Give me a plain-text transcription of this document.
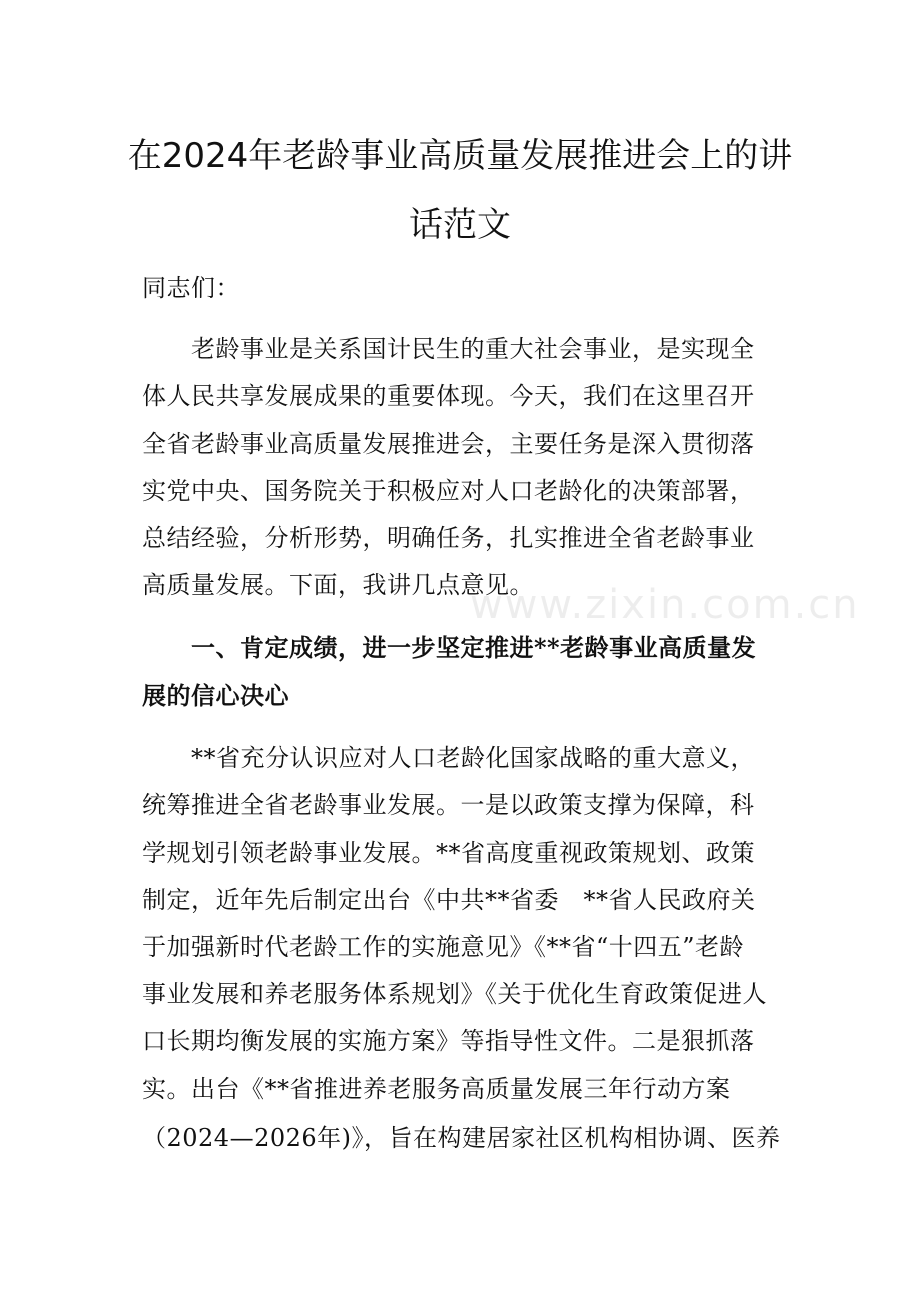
在2024年老龄事业高质量发展推进会上的讲
话范文
同志们：
　　老龄事业是关系国计民生的重大社会事业，是实现全
体人民共享发展成果的重要体现。今天，我们在这里召开
全省老龄事业高质量发展推进会，主要任务是深入贯彻落
实党中央、国务院关于积极应对人口老龄化的决策部署，
总结经验，分析形势，明确任务，扎实推进全省老龄事业
高质量发展。下面，我讲几点意见。
　　一、肯定成绩，进一步坚定推进**老龄事业高质量发
展的信心决心
　　**省充分认识应对人口老龄化国家战略的重大意义，
统筹推进全省老龄事业发展。一是以政策支撑为保障，科
学规划引领老龄事业发展。**省高度重视政策规划、政策
制定，近年先后制定出台《中共**省委　**省人民政府关
于加强新时代老龄工作的实施意见》《**省“十四五”老龄
事业发展和养老服务体系规划》《关于优化生育政策促进人
口长期均衡发展的实施方案》等指导性文件。二是狠抓落
实。出台《**省推进养老服务高质量发展三年行动方案
（2024—2026年)》，旨在构建居家社区机构相协调、医养
www.zixin.com.cn
